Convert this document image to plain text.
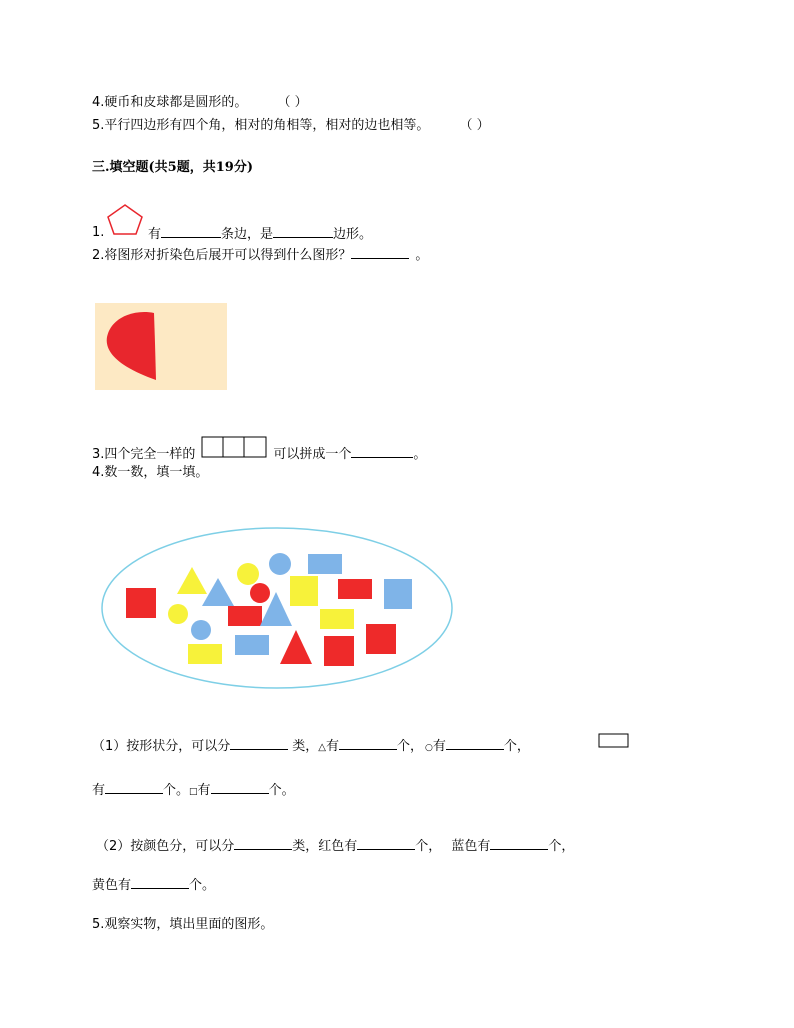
4.硬币和皮球都是圆形的。 （ ）
5.平行四边形有四个角，相对的角相等，相对的边也相等。 （ ）
三.填空题(共5题，共19分)
1.	有	条边，是	边形。
2.将图形对折染色后展开可以得到什么图形？	。
3.四个完全一样的	可以拼成一个	。
4.数一数，填一填。
（1）按形状分，可以分	类，△有	个， ○有	个，
有	个。□有	个。
（2）按颜色分，可以分	类，红色有	个， 蓝色有	个，
黄色有	个。
5.观察实物，填出里面的图形。
